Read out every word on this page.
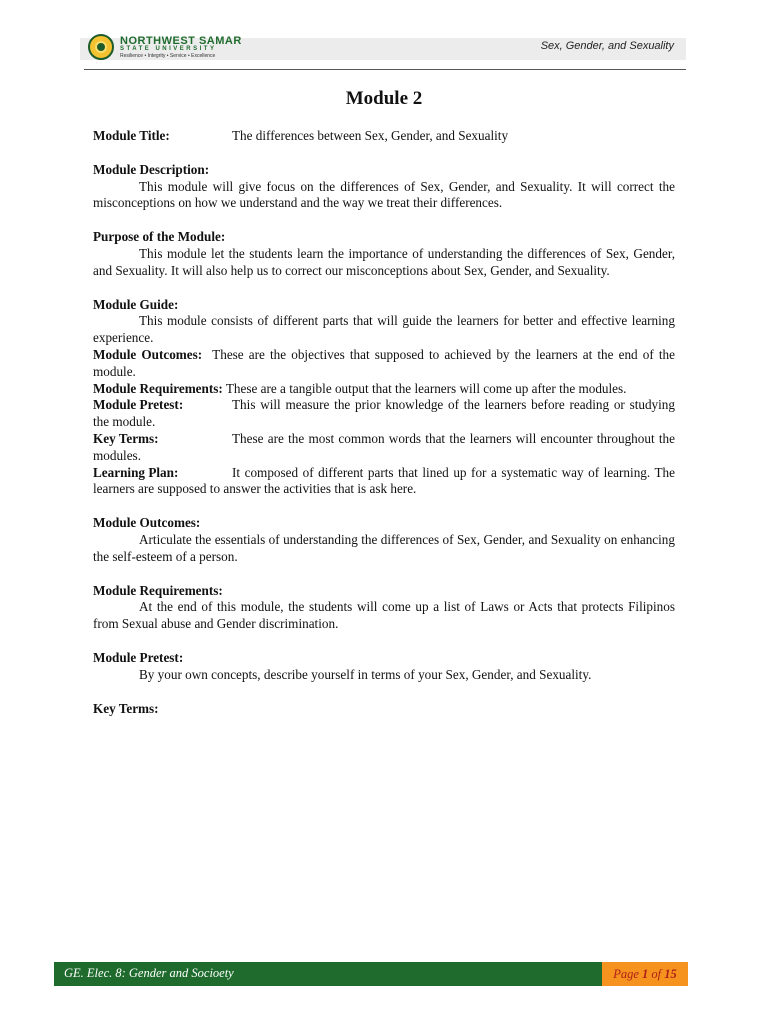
NORTHWEST SAMAR
STATE UNIVERSITY
Resilience • Integrity • Service • Excellence
Sex, Gender, and Sexuality
Module 2
Module Title:	The differences between Sex, Gender, and Sexuality
Module Description:

This module will give focus on the differences of Sex, Gender, and Sexuality. It will correct the misconceptions on how we understand and the way we treat their differences.

Purpose of the Module:

This module let the students learn the importance of understanding the differences of Sex, Gender, and Sexuality. It will also help us to correct our misconceptions about Sex, Gender, and Sexuality.

Module Guide:

This module consists of different parts that will guide the learners for better and effective learning experience.

Module Outcomes: These are the objectives that supposed to achieved by the learners at the end of the module.

Module Requirements: These are a tangible output that the learners will come up after the modules.

Module Pretest:	This will measure the prior knowledge of the learners before reading or studying the module.

Key Terms:	These are the most common words that the learners will encounter throughout the modules.

Learning Plan:	It composed of different parts that lined up for a systematic way of learning. The learners are supposed to answer the activities that is ask here.

Module Outcomes:

Articulate the essentials of understanding the differences of Sex, Gender, and Sexuality on enhancing the self-esteem of a person.

Module Requirements:

At the end of this module, the students will come up a list of Laws or Acts that protects Filipinos from Sexual abuse and Gender discrimination.

Module Pretest:

By your own concepts, describe yourself in terms of your Sex, Gender, and Sexuality.

Key Terms:
GE. Elec. 8: Gender and Socioety	Page 1 of 15
